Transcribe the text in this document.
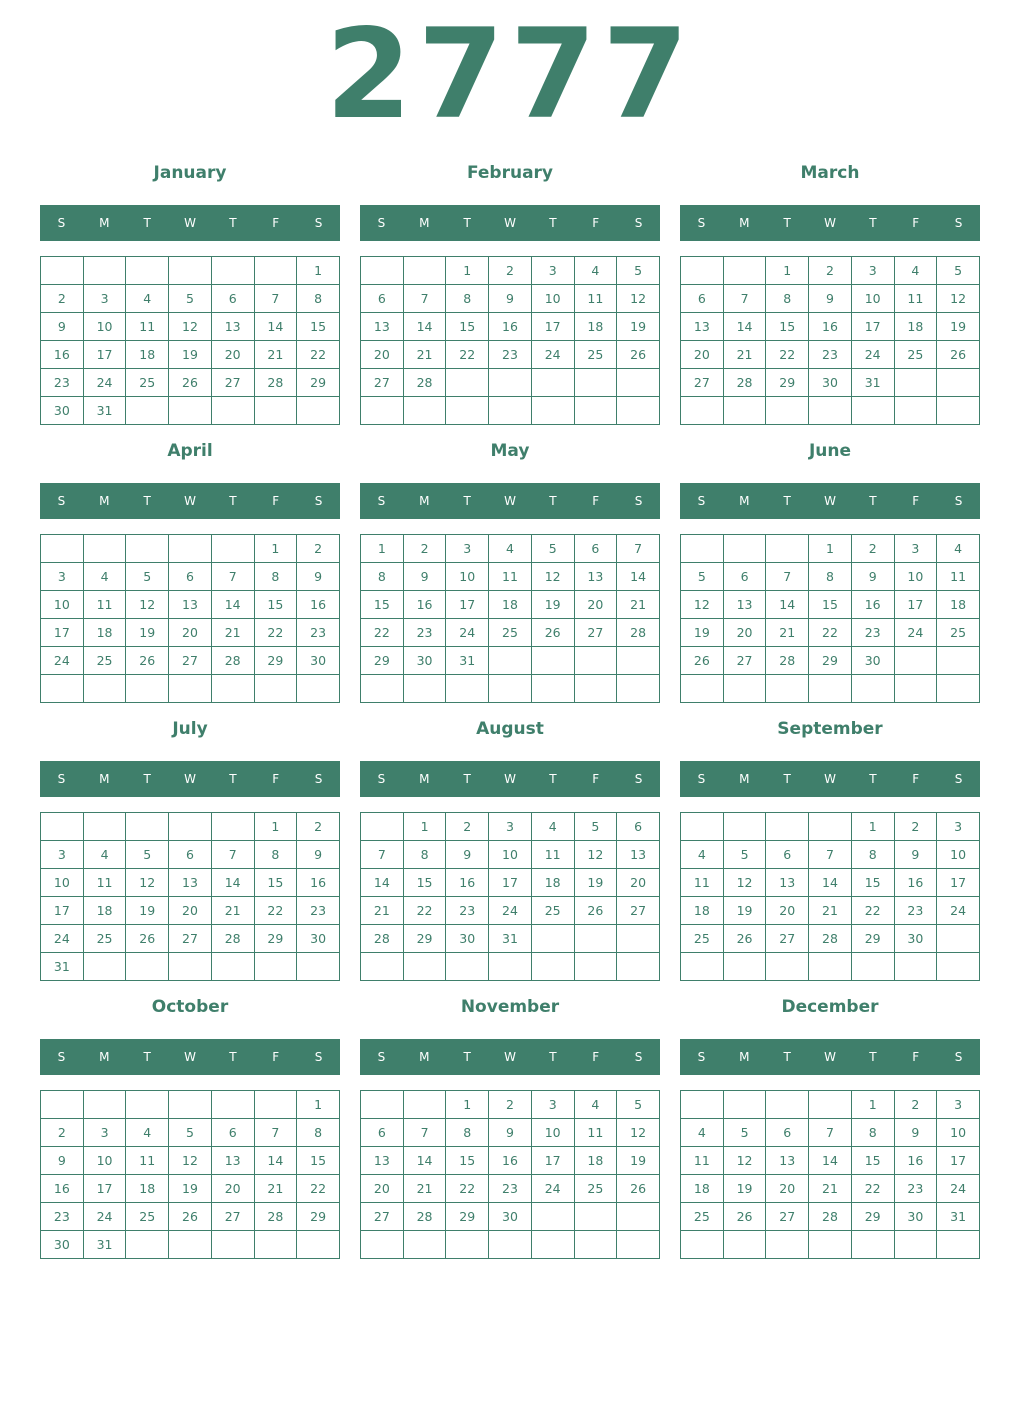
2777
January
S	M	T	W	T	F	S
						1
2	3	4	5	6	7	8
9	10	11	12	13	14	15
16	17	18	19	20	21	22
23	24	25	26	27	28	29
30	31					
February
S	M	T	W	T	F	S
		1	2	3	4	5
6	7	8	9	10	11	12
13	14	15	16	17	18	19
20	21	22	23	24	25	26
27	28					

March
S	M	T	W	T	F	S
		1	2	3	4	5
6	7	8	9	10	11	12
13	14	15	16	17	18	19
20	21	22	23	24	25	26
27	28	29	30	31		

April
S	M	T	W	T	F	S
					1	2
3	4	5	6	7	8	9
10	11	12	13	14	15	16
17	18	19	20	21	22	23
24	25	26	27	28	29	30

May
S	M	T	W	T	F	S
1	2	3	4	5	6	7
8	9	10	11	12	13	14
15	16	17	18	19	20	21
22	23	24	25	26	27	28
29	30	31				

June
S	M	T	W	T	F	S
			1	2	3	4
5	6	7	8	9	10	11
12	13	14	15	16	17	18
19	20	21	22	23	24	25
26	27	28	29	30		

July
S	M	T	W	T	F	S
					1	2
3	4	5	6	7	8	9
10	11	12	13	14	15	16
17	18	19	20	21	22	23
24	25	26	27	28	29	30
31						
August
S	M	T	W	T	F	S
	1	2	3	4	5	6
7	8	9	10	11	12	13
14	15	16	17	18	19	20
21	22	23	24	25	26	27
28	29	30	31			

September
S	M	T	W	T	F	S
				1	2	3
4	5	6	7	8	9	10
11	12	13	14	15	16	17
18	19	20	21	22	23	24
25	26	27	28	29	30	

October
S	M	T	W	T	F	S
						1
2	3	4	5	6	7	8
9	10	11	12	13	14	15
16	17	18	19	20	21	22
23	24	25	26	27	28	29
30	31					
November
S	M	T	W	T	F	S
		1	2	3	4	5
6	7	8	9	10	11	12
13	14	15	16	17	18	19
20	21	22	23	24	25	26
27	28	29	30			

December
S	M	T	W	T	F	S
				1	2	3
4	5	6	7	8	9	10
11	12	13	14	15	16	17
18	19	20	21	22	23	24
25	26	27	28	29	30	31
